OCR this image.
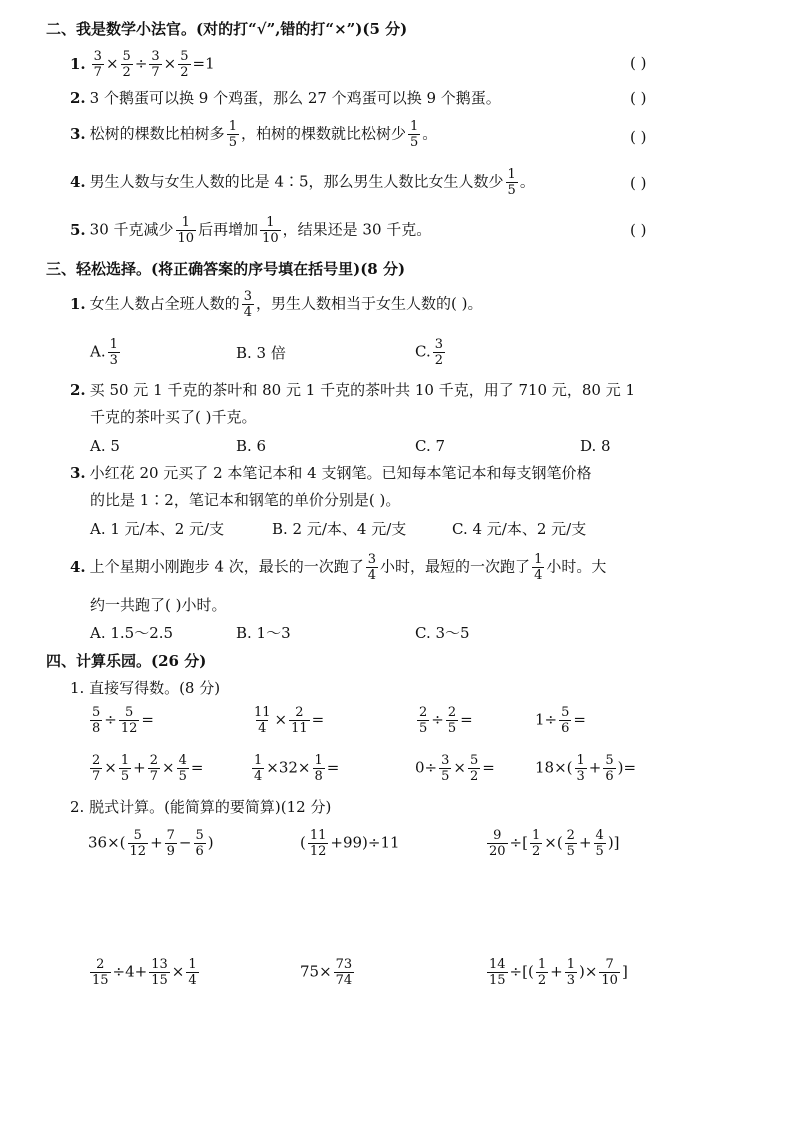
二、我是数学小法官。(对的打“√”,错的打“×”)(5 分)
1. $\frac{3}{7} \times \frac{5}{2} \div \frac{3}{7} \times \frac{5}{2} =1$	( )
2. 3 个鹅蛋可以换 9 个鸡蛋，那么 27 个鸡蛋可以换 9 个鹅蛋。	( )
3. 松树的棵数比柏树多 $\frac{1}{5}$ ，柏树的棵数就比松树少 $\frac{1}{5}$ 。	( )
4. 男生人数与女生人数的比是 4∶5，那么男生人数比女生人数少 $\frac{1}{5}$ 。	( )
5. 30 千克减少 $\frac{1}{10}$ 后再增加 $\frac{1}{10}$ ，结果还是 30 千克。	( )
三、轻松选择。(将正确答案的序号填在括号里)(8 分)
1. 女生人数占全班人数的 $\frac{3}{4}$ ，男生人数相当于女生人数的( )。
A. $\frac{1}{3}$	B. 3 倍	C. $\frac{3}{2}$
2. 买 50 元 1 千克的茶叶和 80 元 1 千克的茶叶共 10 千克，用了 710 元，80 元 1
千克的茶叶买了( )千克。
A. 5	B. 6	C. 7	D. 8
3. 小红花 20 元买了 2 本笔记本和 4 支钢笔。已知每本笔记本和每支钢笔价格
的比是 1∶2，笔记本和钢笔的单价分别是( )。
A. 1 元/本、2 元/支	B. 2 元/本、4 元/支	C. 4 元/本、2 元/支
4. 上个星期小刚跑步 4 次，最长的一次跑了 $\frac{3}{4}$ 小时，最短的一次跑了 $\frac{1}{4}$ 小时。大
约一共跑了( )小时。
A. 1.5～2.5	B. 1～3	C. 3～5
四、计算乐园。(26 分)
1. 直接写得数。(8 分)
$\frac{5}{8} \div \frac{5}{12}$ =	$\frac{11}{4} \times \frac{2}{11}$ =	$\frac{2}{5} \div \frac{2}{5}$ =	$1\div \frac{5}{6}$ =
$\frac{2}{7} \times \frac{1}{5} + \frac{2}{7} \times \frac{4}{5}$ =	$\frac{1}{4} \times 32\times \frac{1}{8}$ =	$0\div \frac{3}{5} \times \frac{5}{2}$ =	$18\times( \frac{1}{3} + \frac{5}{6}$ )=
2. 脱式计算。(能简算的要简算)(12 分)
$36\times( \frac{5}{12} + \frac{7}{9} - \frac{5}{6}$ )	( $\frac{11}{12} +99)\div 11$	$\frac{9}{20}$ ÷[ $\frac{1}{2}$ ×( $\frac{2}{5} + \frac{4}{5}$ )]
$\frac{2}{15} \div 4+ \frac{13}{15} \times \frac{1}{4}$	$75\times \frac{73}{74}$	$\frac{14}{15}$ ÷[( $\frac{1}{2} + \frac{1}{3}$ )× $\frac{7}{10}$ ]
